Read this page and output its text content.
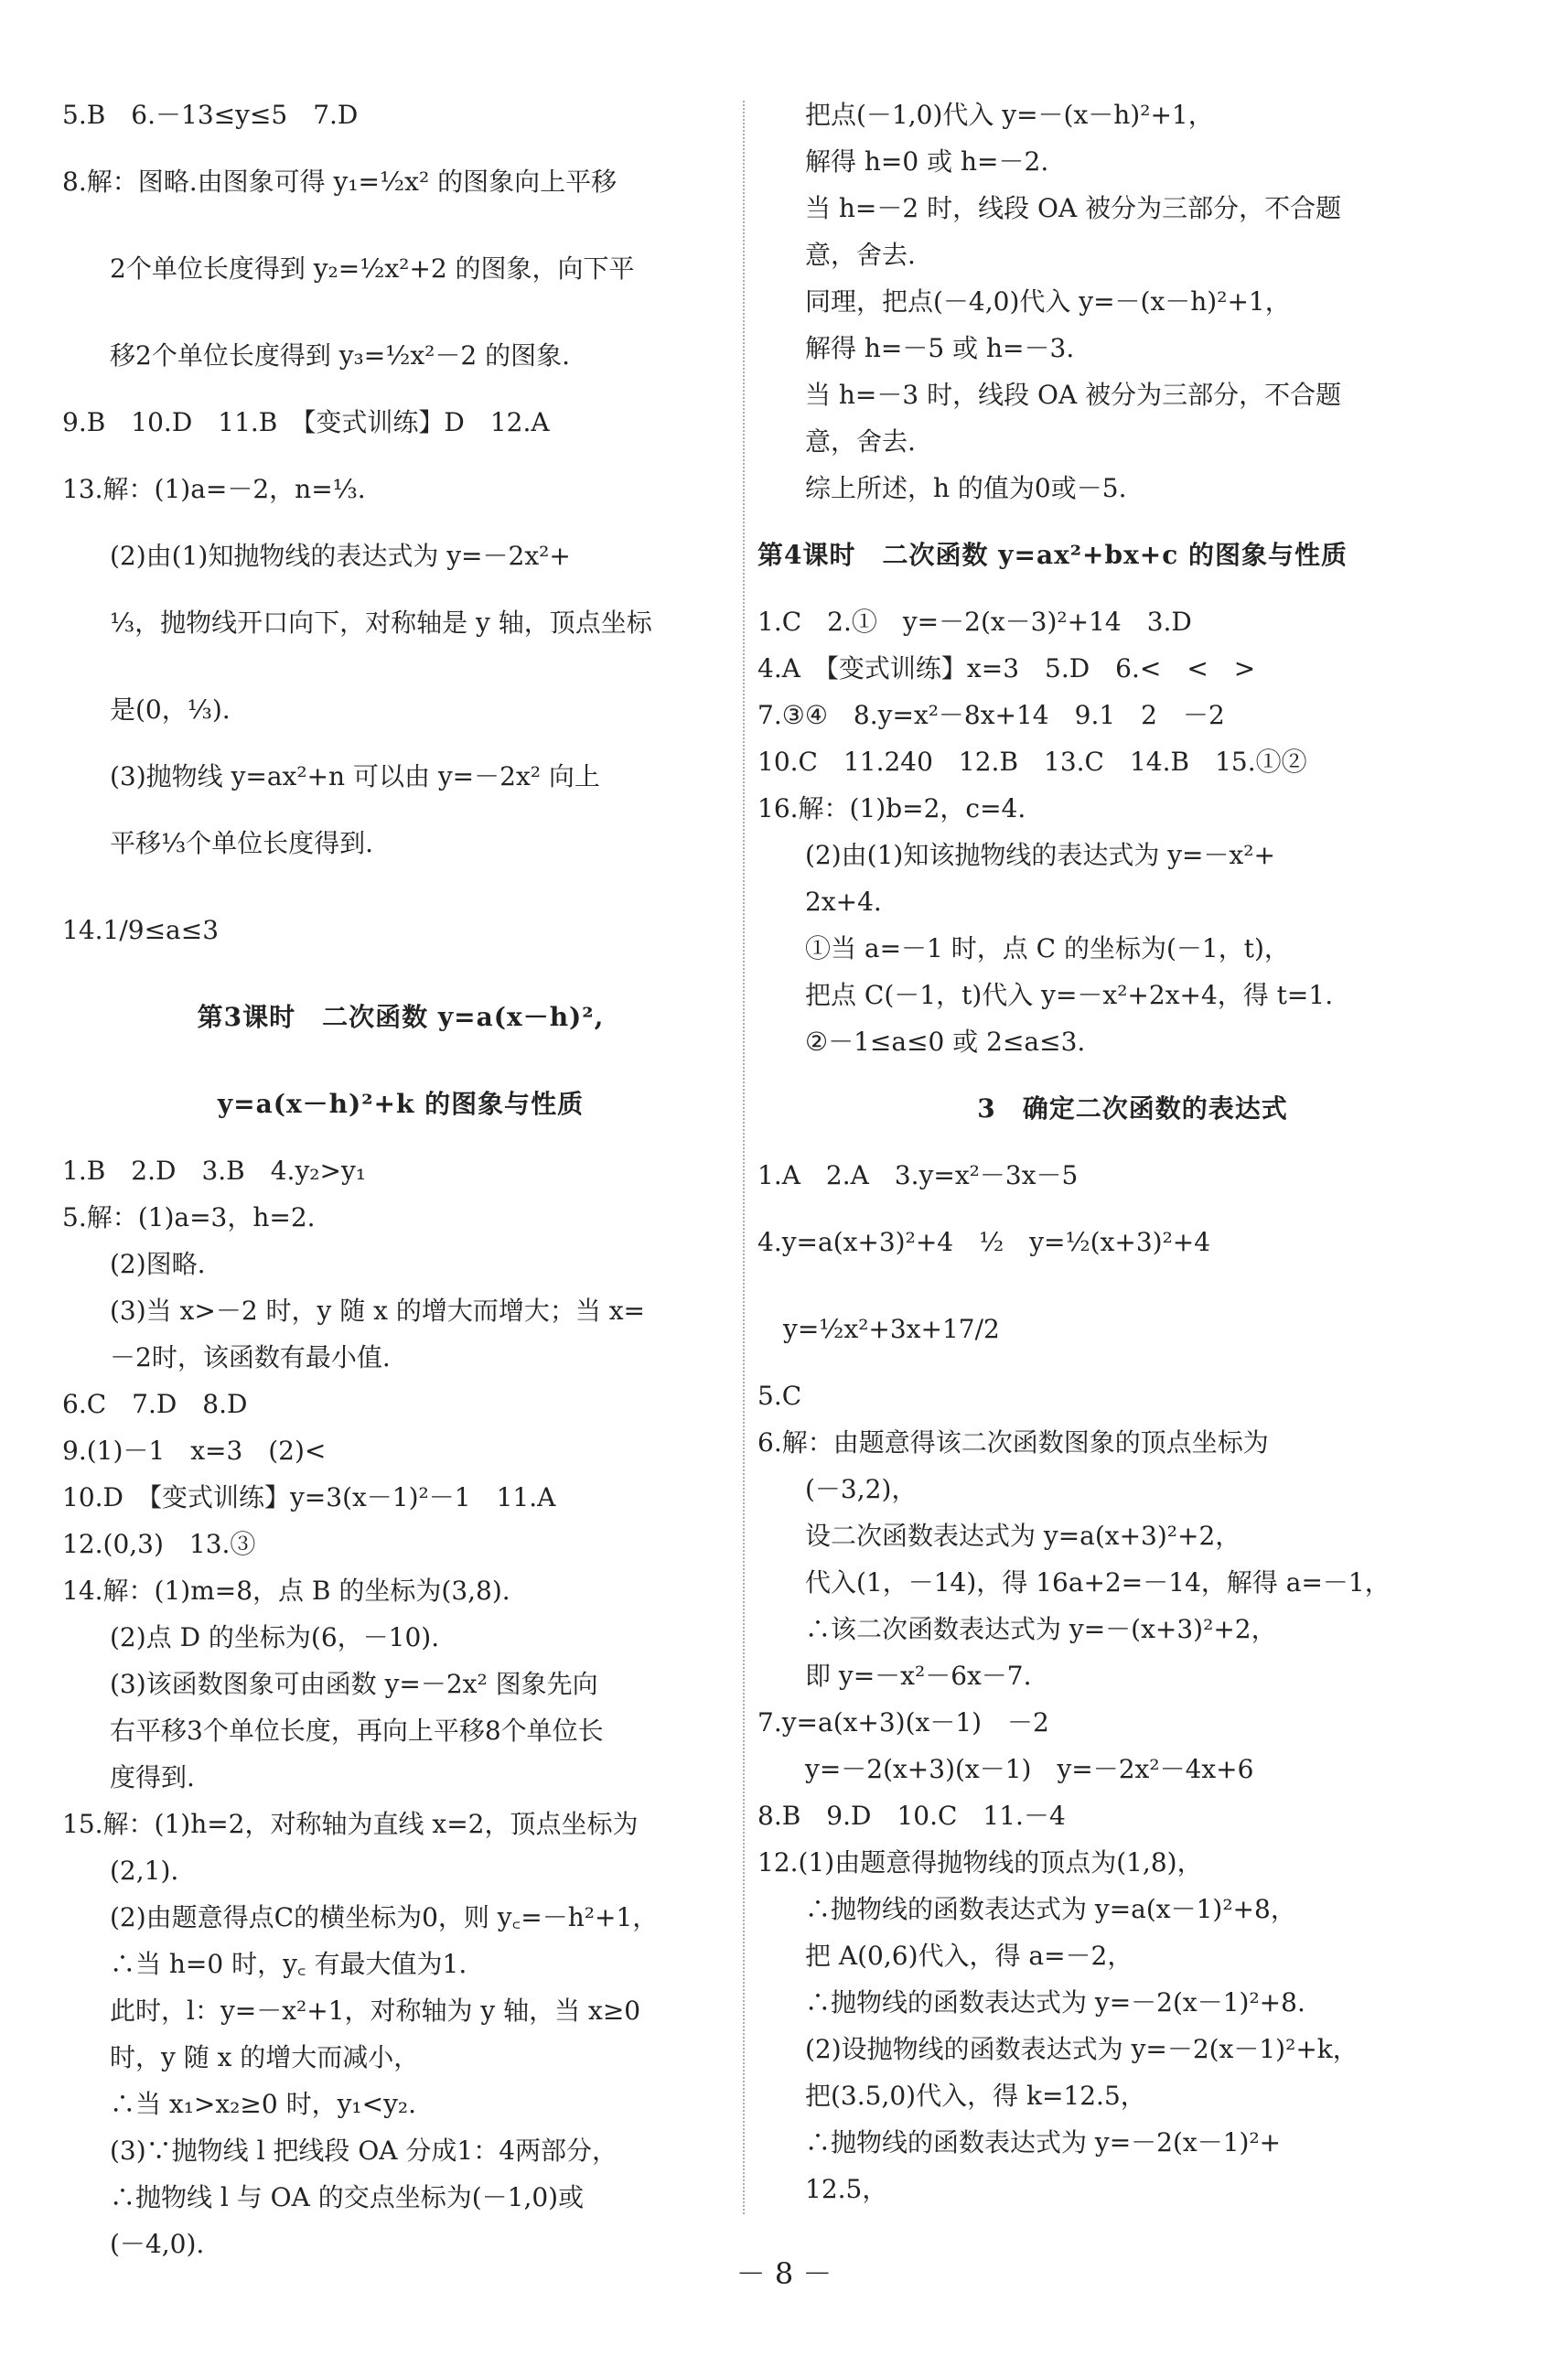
5.B　6.－13≤y≤5　7.D
8.解：图略.由图象可得 y₁=½x² 的图象向上平移
2个单位长度得到 y₂=½x²+2 的图象，向下平
移2个单位长度得到 y₃=½x²－2 的图象.
9.B　10.D　11.B　【变式训练】D　12.A
13.解：(1)a=－2，n=⅓.
(2)由(1)知抛物线的表达式为 y=－2x²+
⅓，抛物线开口向下，对称轴是 y 轴，顶点坐标
是(0，⅓).
(3)抛物线 y=ax²+n 可以由 y=－2x² 向上
平移⅓个单位长度得到.
14.1/9≤a≤3
第3课时　二次函数 y=a(x－h)²,
y=a(x－h)²+k 的图象与性质
1.B　2.D　3.B　4.y₂>y₁
5.解：(1)a=3，h=2.
(2)图略.
(3)当 x>－2 时，y 随 x 的增大而增大；当 x=
－2时，该函数有最小值.
6.C　7.D　8.D
9.(1)－1　x=3　(2)<
10.D　【变式训练】y=3(x－1)²－1　11.A
12.(0,3)　13.③
14.解：(1)m=8，点 B 的坐标为(3,8).
(2)点 D 的坐标为(6，－10).
(3)该函数图象可由函数 y=－2x² 图象先向
右平移3个单位长度，再向上平移8个单位长
度得到.
15.解：(1)h=2，对称轴为直线 x=2，顶点坐标为
(2,1).
(2)由题意得点C的横坐标为0，则 y꜀=－h²+1，
∴当 h=0 时，y꜀ 有最大值为1.
此时，l：y=－x²+1，对称轴为 y 轴，当 x≥0
时，y 随 x 的增大而减小，
∴当 x₁>x₂≥0 时，y₁<y₂.
(3)∵抛物线 l 把线段 OA 分成1：4两部分，
∴抛物线 l 与 OA 的交点坐标为(－1,0)或
(－4,0).
把点(－1,0)代入 y=－(x－h)²+1，
解得 h=0 或 h=－2.
当 h=－2 时，线段 OA 被分为三部分，不合题
意，舍去.
同理，把点(－4,0)代入 y=－(x－h)²+1，
解得 h=－5 或 h=－3.
当 h=－3 时，线段 OA 被分为三部分，不合题
意，舍去.
综上所述，h 的值为0或－5.
第4课时　二次函数 y=ax²+bx+c 的图象与性质
1.C　2.①　y=－2(x－3)²+14　3.D
4.A　【变式训练】x=3　5.D　6.<　<　>
7.③④　8.y=x²－8x+14　9.1　2　－2
10.C　11.240　12.B　13.C　14.B　15.①②
16.解：(1)b=2，c=4.
(2)由(1)知该抛物线的表达式为 y=－x²+
2x+4.
①当 a=－1 时，点 C 的坐标为(－1，t)，
把点 C(－1，t)代入 y=－x²+2x+4，得 t=1.
②－1≤a≤0 或 2≤a≤3.
3　确定二次函数的表达式
1.A　2.A　3.y=x²－3x－5
4.y=a(x+3)²+4　½　y=½(x+3)²+4
y=½x²+3x+17/2
5.C
6.解：由题意得该二次函数图象的顶点坐标为
(－3,2)，
设二次函数表达式为 y=a(x+3)²+2，
代入(1，－14)，得 16a+2=－14，解得 a=－1，
∴该二次函数表达式为 y=－(x+3)²+2，
即 y=－x²－6x－7.
7.y=a(x+3)(x－1)　－2
y=－2(x+3)(x－1)　y=－2x²－4x+6
8.B　9.D　10.C　11.－4
12.(1)由题意得抛物线的顶点为(1,8)，
∴抛物线的函数表达式为 y=a(x－1)²+8，
把 A(0,6)代入，得 a=－2，
∴抛物线的函数表达式为 y=－2(x－1)²+8.
(2)设抛物线的函数表达式为 y=－2(x－1)²+k，
把(3.5,0)代入，得 k=12.5，
∴抛物线的函数表达式为 y=－2(x－1)²+
12.5，
－ 8 －
